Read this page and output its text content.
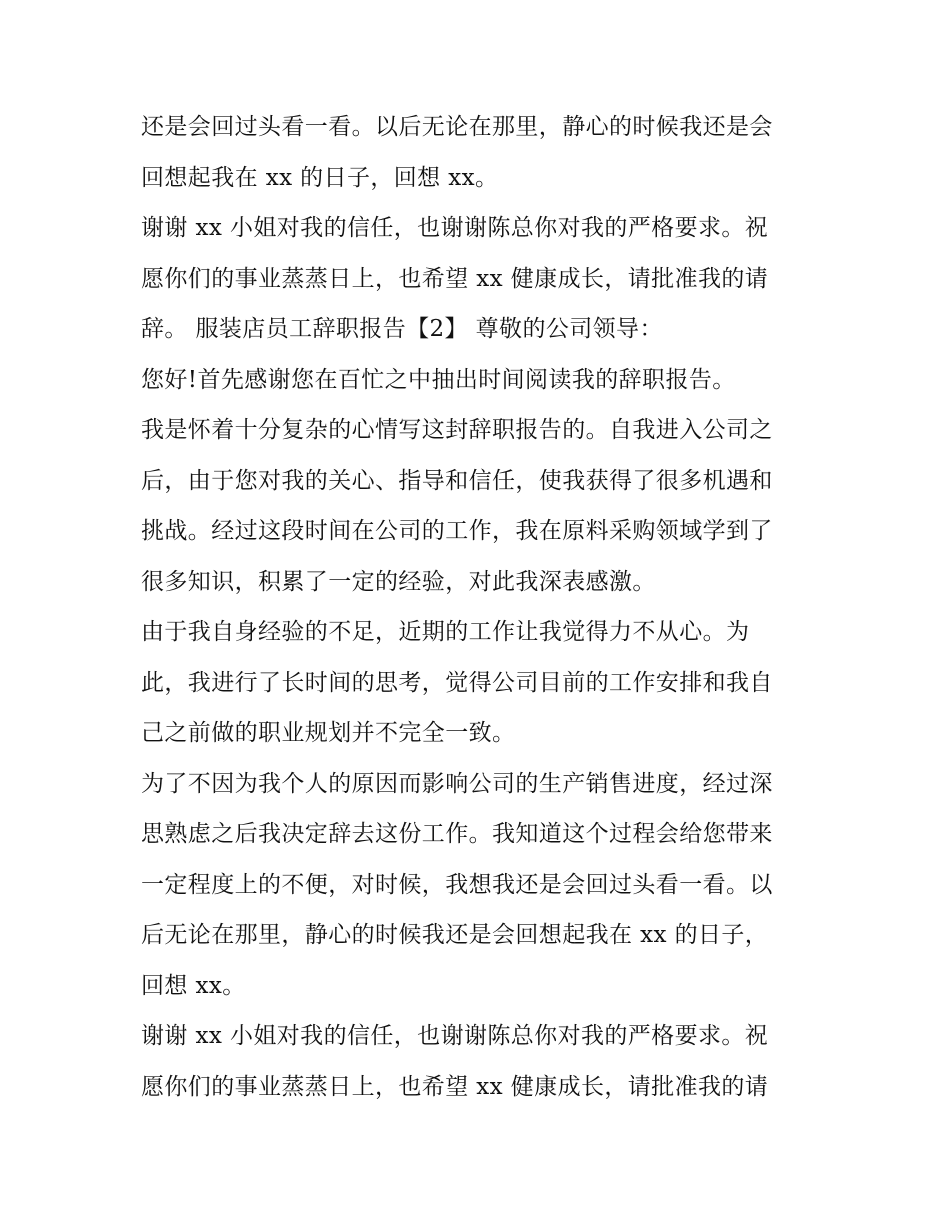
还是会回过头看一看。以后无论在那里，静心的时候我还是会
回想起我在 xx 的日子，回想 xx。
谢谢 xx 小姐对我的信任，也谢谢陈总你对我的严格要求。祝
愿你们的事业蒸蒸日上，也希望 xx 健康成长，请批准我的请
辞。 服装店员工辞职报告【2】 尊敬的公司领导：
您好!首先感谢您在百忙之中抽出时间阅读我的辞职报告。
我是怀着十分复杂的心情写这封辞职报告的。自我进入公司之
后，由于您对我的关心、指导和信任，使我获得了很多机遇和
挑战。经过这段时间在公司的工作，我在原料采购领域学到了
很多知识，积累了一定的经验，对此我深表感激。
由于我自身经验的不足，近期的工作让我觉得力不从心。为
此，我进行了长时间的思考，觉得公司目前的工作安排和我自
己之前做的职业规划并不完全一致。
为了不因为我个人的原因而影响公司的生产销售进度，经过深
思熟虑之后我决定辞去这份工作。我知道这个过程会给您带来
一定程度上的不便，对时候，我想我还是会回过头看一看。以
后无论在那里，静心的时候我还是会回想起我在 xx 的日子，
回想 xx。
谢谢 xx 小姐对我的信任，也谢谢陈总你对我的严格要求。祝
愿你们的事业蒸蒸日上，也希望 xx 健康成长，请批准我的请
